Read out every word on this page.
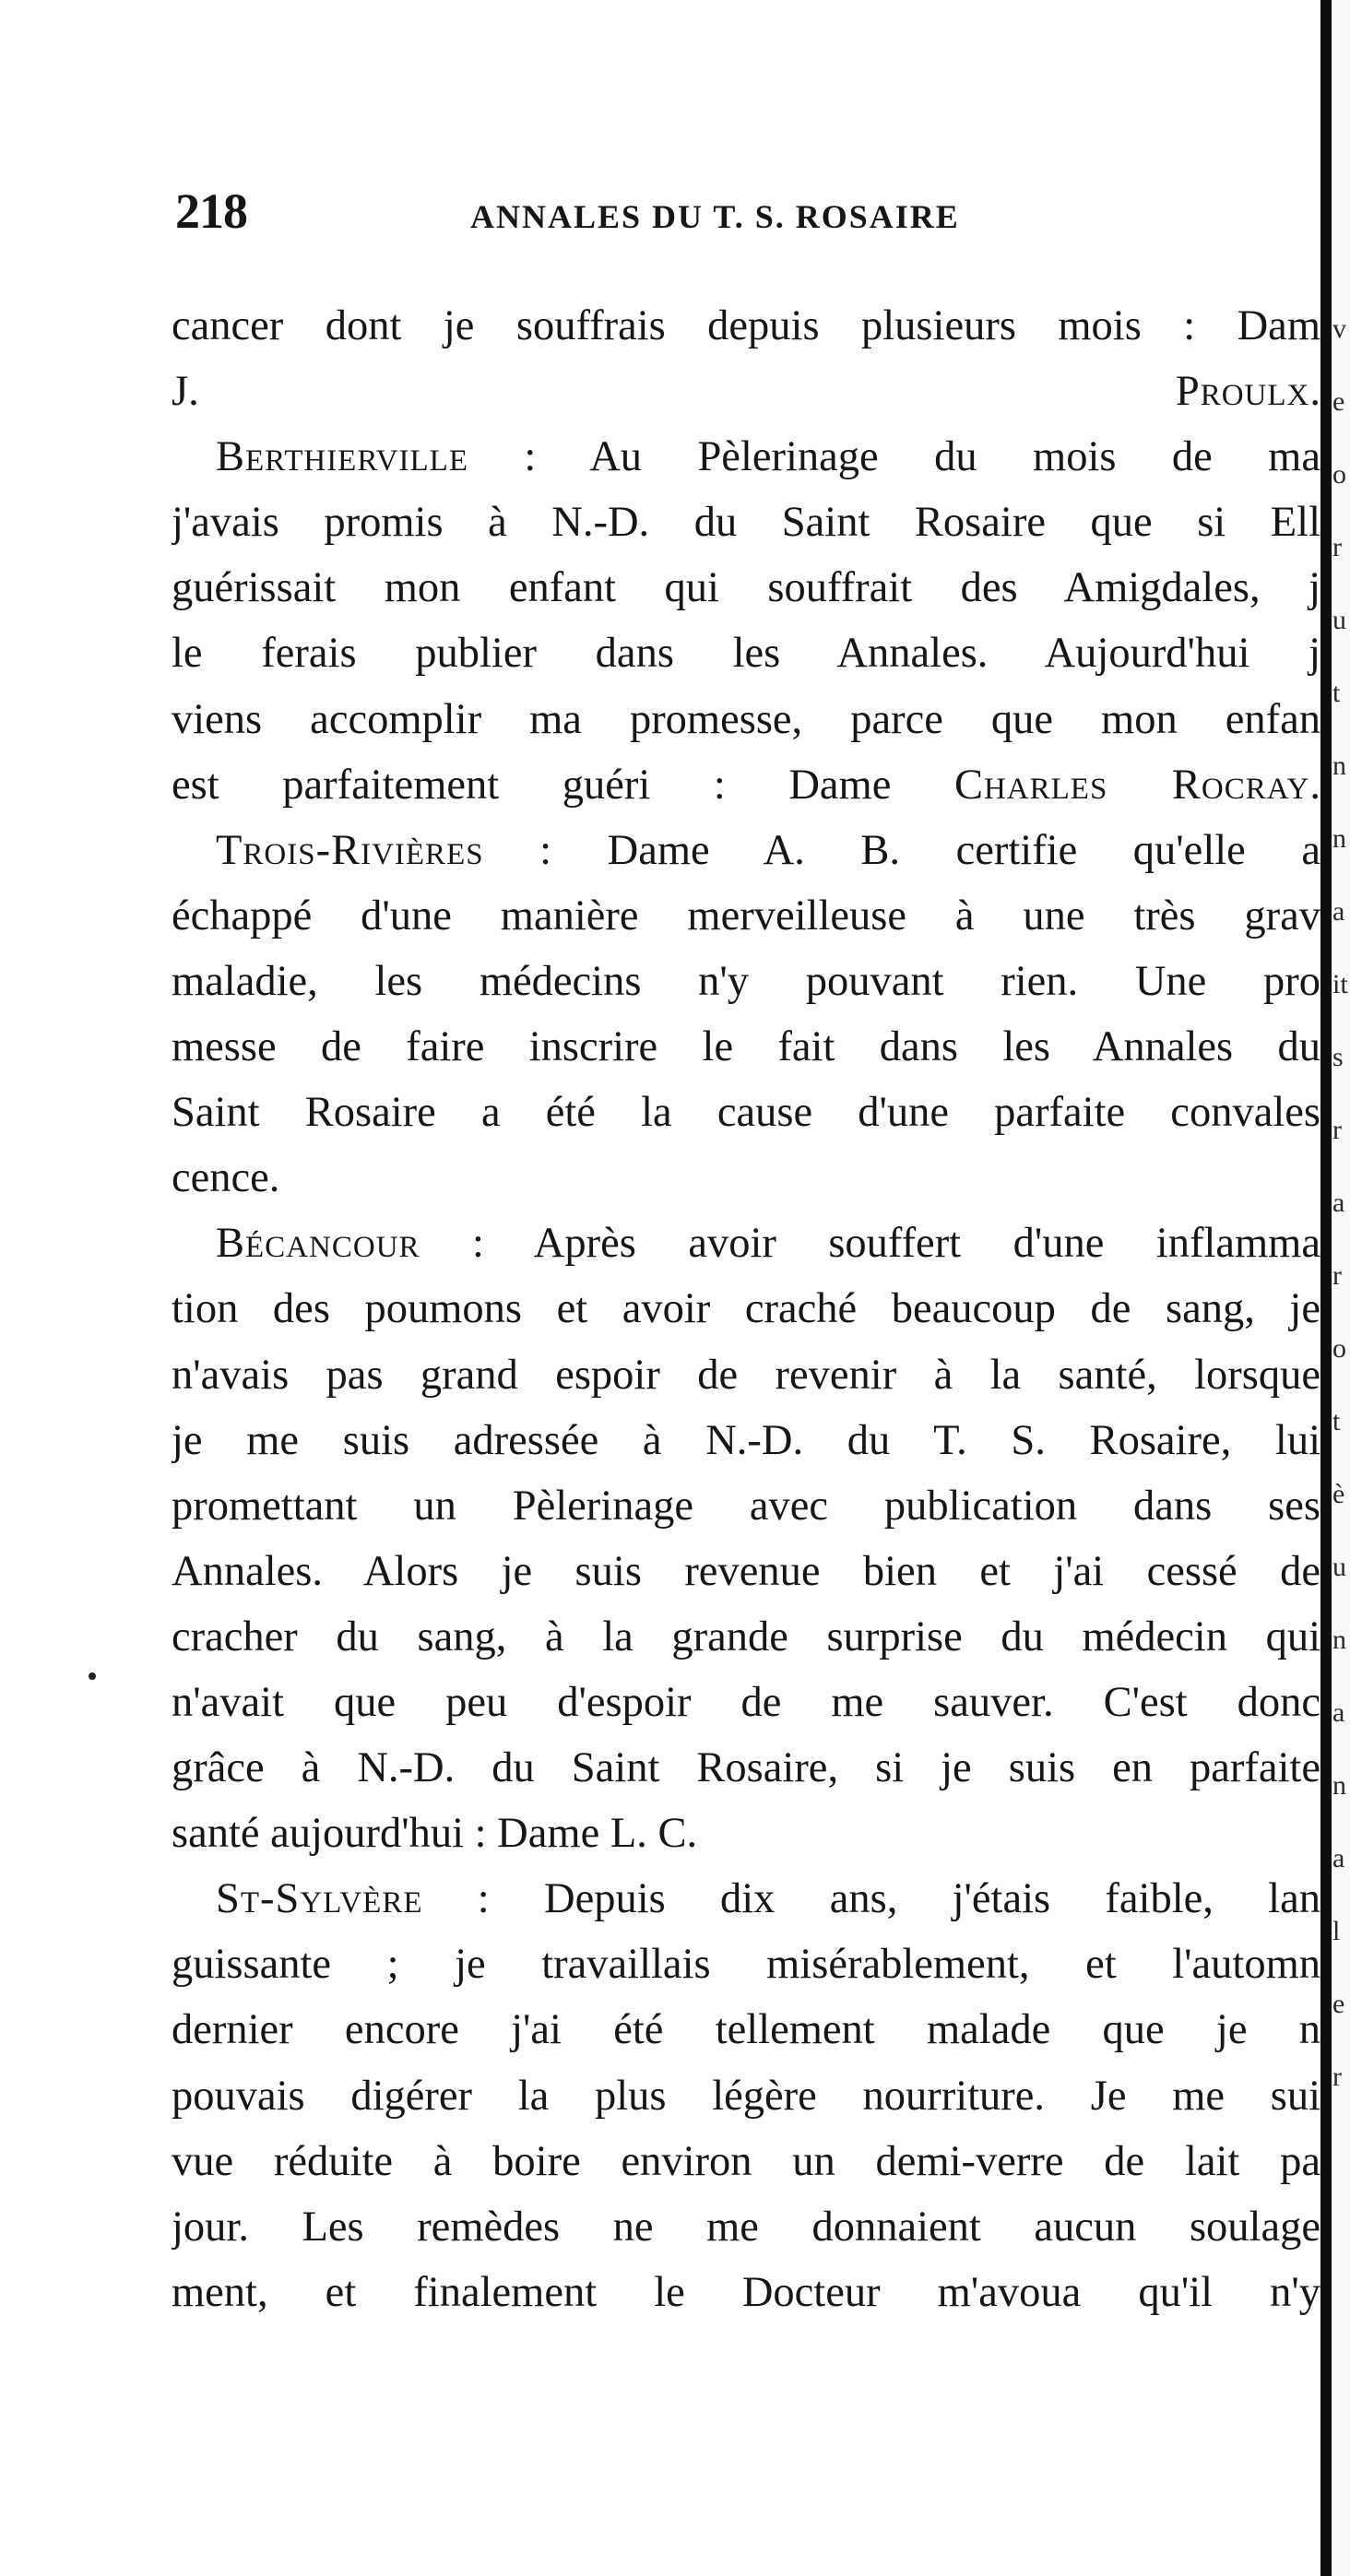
218	ANNALES DU T. S. ROSAIRE
cancer dont je souffrais depuis plusieurs mois : Dam
J. Proulx.
Berthierville : Au Pèlerinage du mois de ma
j'avais promis à N.-D. du Saint Rosaire que si Ell
guérissait mon enfant qui souffrait des Amigdales, j
le ferais publier dans les Annales. Aujourd'hui j
viens accomplir ma promesse, parce que mon enfan
est parfaitement guéri : Dame Charles Rocray.
Trois-Rivières : Dame A. B. certifie qu'elle a
échappé d'une manière merveilleuse à une très grav
maladie, les médecins n'y pouvant rien. Une pro
messe de faire inscrire le fait dans les Annales du
Saint Rosaire a été la cause d'une parfaite convales
cence.
Bécancour : Après avoir souffert d'une inflamma
tion des poumons et avoir craché beaucoup de sang, je
n'avais pas grand espoir de revenir à la santé, lorsque
je me suis adressée à N.-D. du T. S. Rosaire, lui
promettant un Pèlerinage avec publication dans ses
Annales. Alors je suis revenue bien et j'ai cessé de
cracher du sang, à la grande surprise du médecin qui
n'avait que peu d'espoir de me sauver. C'est donc
grâce à N.-D. du Saint Rosaire, si je suis en parfaite
santé aujourd'hui : Dame L. C.
St-Sylvère : Depuis dix ans, j'étais faible, lan
guissante ; je travaillais misérablement, et l'automn
dernier encore j'ai été tellement malade que je n
pouvais digérer la plus légère nourriture. Je me sui
vue réduite à boire environ un demi-verre de lait pa
jour. Les remèdes ne me donnaient aucun soulage
ment, et finalement le Docteur m'avoua qu'il n'y
v
e
o
r
u
t
n
n
a
it
s
r
a
r
o
t
è
u
n
a
n
a
l
e
r
